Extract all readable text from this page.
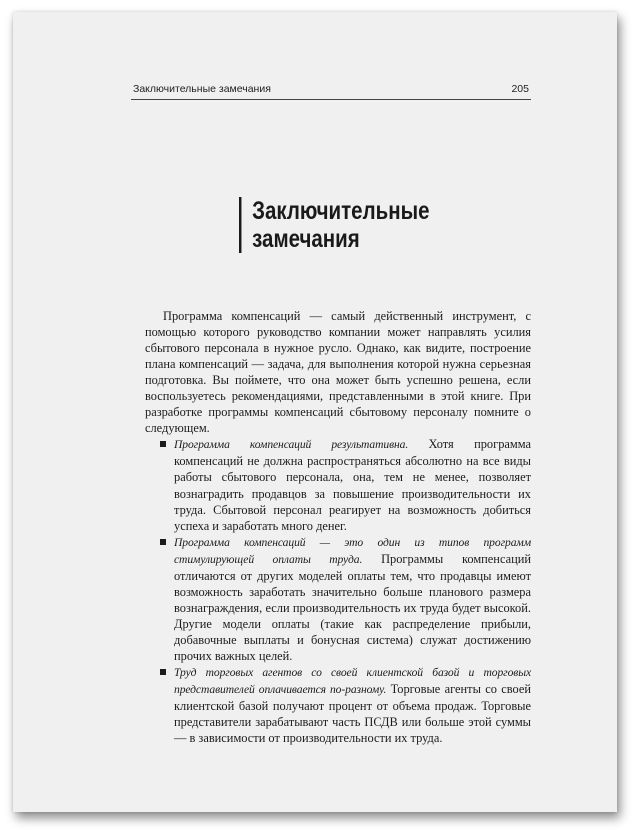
Заключительные замечания	205
Заключительные
замечания

Программа компенсаций — самый действенный инструмент, с помощью которого руководство компании может направлять усилия сбытового персонала в нужное русло. Однако, как видите, построение плана компенсаций — задача, для выполнения которой нужна серьезная подготовка. Вы поймете, что она может быть успешно решена, если воспользуетесь рекомендациями, представленными в этой книге. При разработке программы компенсаций сбытовому персоналу помните о следующем.

Программа компенсаций результативна. Хотя программа компенсаций не должна распространяться абсолютно на все виды работы сбытового персонала, она, тем не менее, позволяет вознаградить продавцов за повышение производительности их труда. Сбытовой персонал реагирует на возможность добиться успеха и заработать много денег.
Программа компенсаций — это один из типов программ стимулирующей оплаты труда. Программы компенсаций отличаются от других моделей оплаты тем, что продавцы имеют возможность заработать значительно больше планового размера вознаграждения, если производительность их труда будет высокой. Другие модели оплаты (такие как распределение прибыли, добавочные выплаты и бонусная система) служат достижению прочих важных целей.
Труд торговых агентов со своей клиентской базой и торговых представителей оплачивается по-разному. Торговые агенты со своей клиентской базой получают процент от объема продаж. Торговые представители зарабатывают часть ПСДВ или больше этой суммы — в зависимости от производительности их труда.
